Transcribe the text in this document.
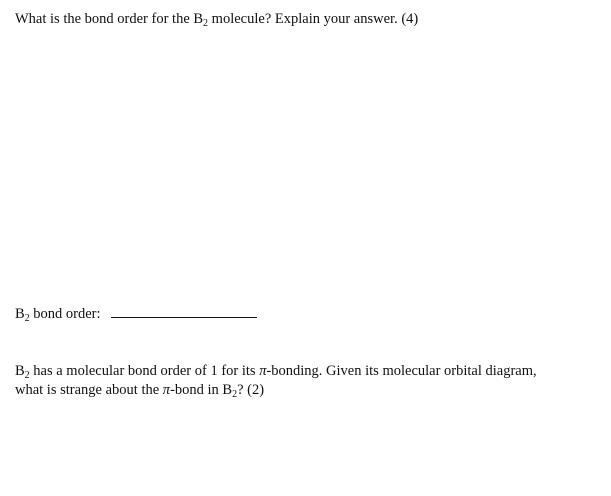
What is the bond order for the $B_2$ molecule? Explain your answer. (4)
$B_2$ bond order:
$B_2$ has a molecular bond order of 1 for its π-bonding. Given its molecular orbital diagram,
what is strange about the π-bond in $B_2$? (2)
